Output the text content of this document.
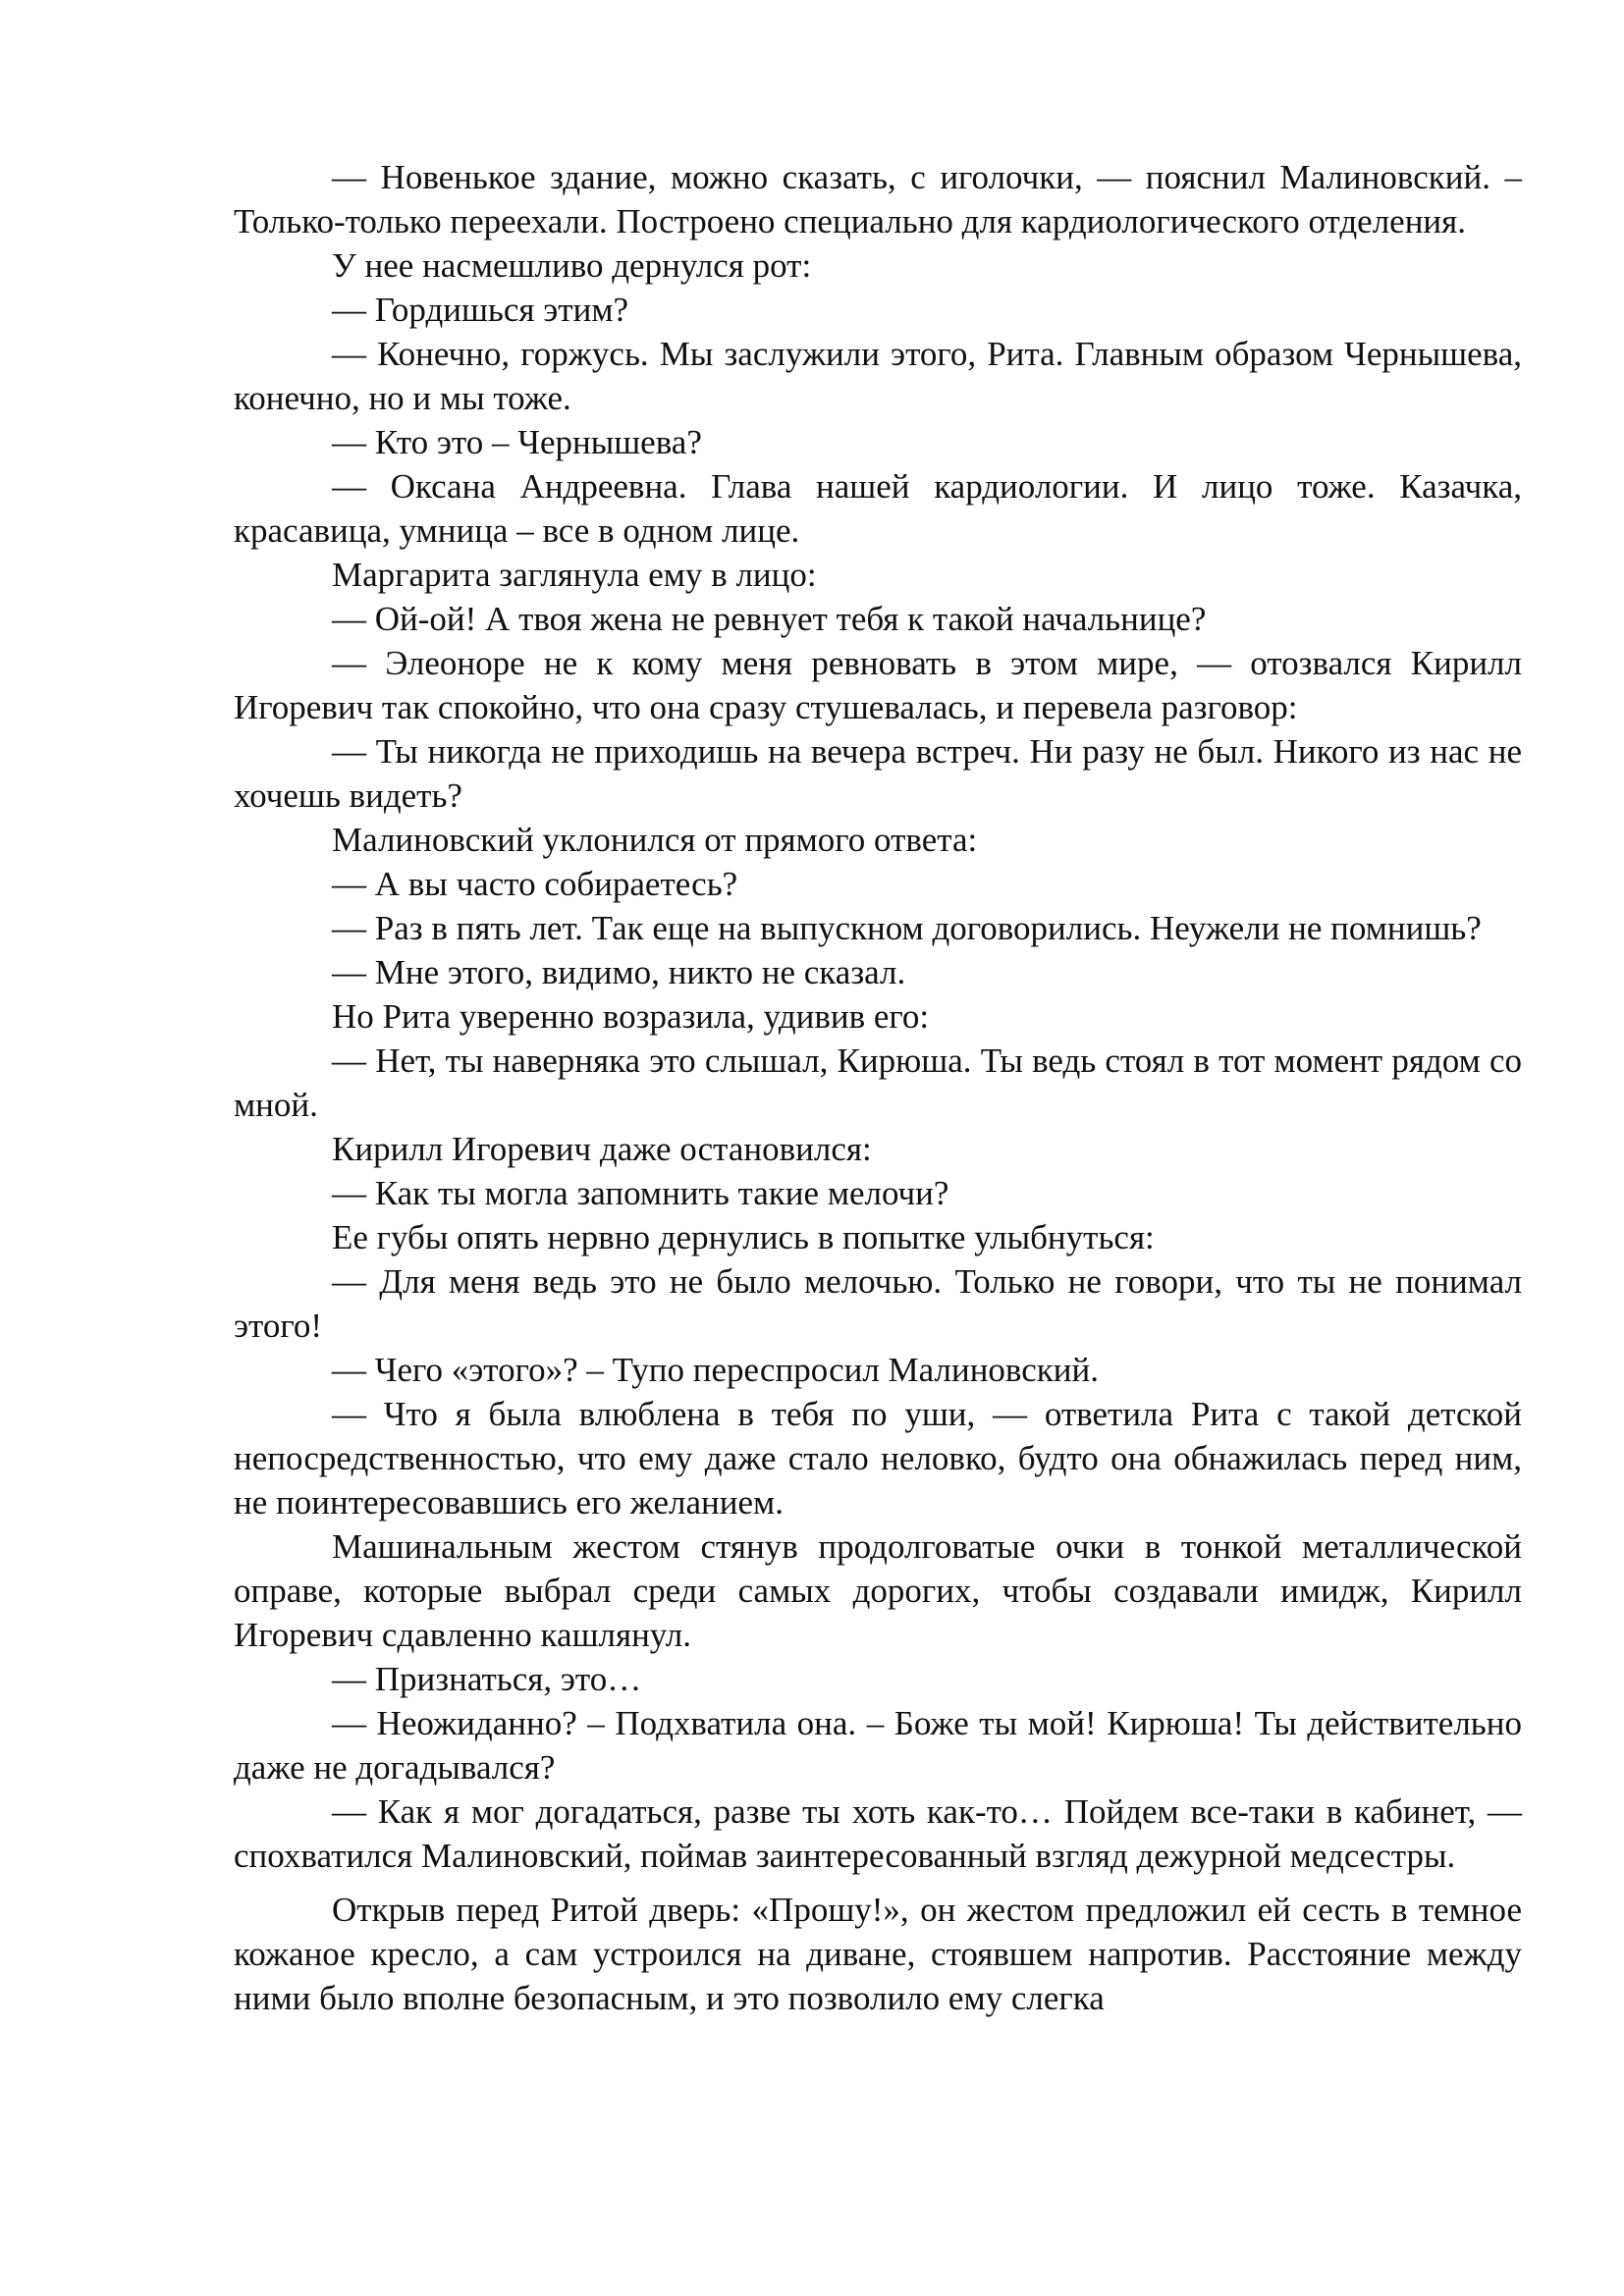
— Новенькое здание, можно сказать, с иголочки, — пояснил Малиновский. – Только-только переехали. Построено специально для кардиологического отделения.

У нее насмешливо дернулся рот:

— Гордишься этим?

— Конечно, горжусь. Мы заслужили этого, Рита. Главным образом Чернышева, конечно, но и мы тоже.

— Кто это – Чернышева?

— Оксана Андреевна. Глава нашей кардиологии. И лицо тоже. Казачка, красавица, умница – все в одном лице.

Маргарита заглянула ему в лицо:

— Ой-ой! А твоя жена не ревнует тебя к такой начальнице?

— Элеоноре не к кому меня ревновать в этом мире, — отозвался Кирилл Игоревич так спокойно, что она сразу стушевалась, и перевела разговор:

— Ты никогда не приходишь на вечера встреч. Ни разу не был. Никого из нас не хочешь видеть?

Малиновский уклонился от прямого ответа:

— А вы часто собираетесь?

— Раз в пять лет. Так еще на выпускном договорились. Неужели не помнишь?

— Мне этого, видимо, никто не сказал.

Но Рита уверенно возразила, удивив его:

— Нет, ты наверняка это слышал, Кирюша. Ты ведь стоял в тот момент рядом со мной.

Кирилл Игоревич даже остановился:

— Как ты могла запомнить такие мелочи?

Ее губы опять нервно дернулись в попытке улыбнуться:

— Для меня ведь это не было мелочью. Только не говори, что ты не понимал этого!

— Чего «этого»? – Тупо переспросил Малиновский.

— Что я была влюблена в тебя по уши, — ответила Рита с такой детской непосредственностью, что ему даже стало неловко, будто она обнажилась перед ним, не поинтересовавшись его желанием.

Машинальным жестом стянув продолговатые очки в тонкой металлической оправе, которые выбрал среди самых дорогих, чтобы создавали имидж, Кирилл Игоревич сдавленно кашлянул.

— Признаться, это…

— Неожиданно? – Подхватила она. – Боже ты мой! Кирюша! Ты действительно даже не догадывался?

— Как я мог догадаться, разве ты хоть как-то… Пойдем все-таки в кабинет, — спохватился Малиновский, поймав заинтересованный взгляд дежурной медсестры.

Открыв перед Ритой дверь: «Прошу!», он жестом предложил ей сесть в темное кожаное кресло, а сам устроился на диване, стоявшем напротив. Расстояние между ними было вполне безопасным, и это позволило ему слегка
